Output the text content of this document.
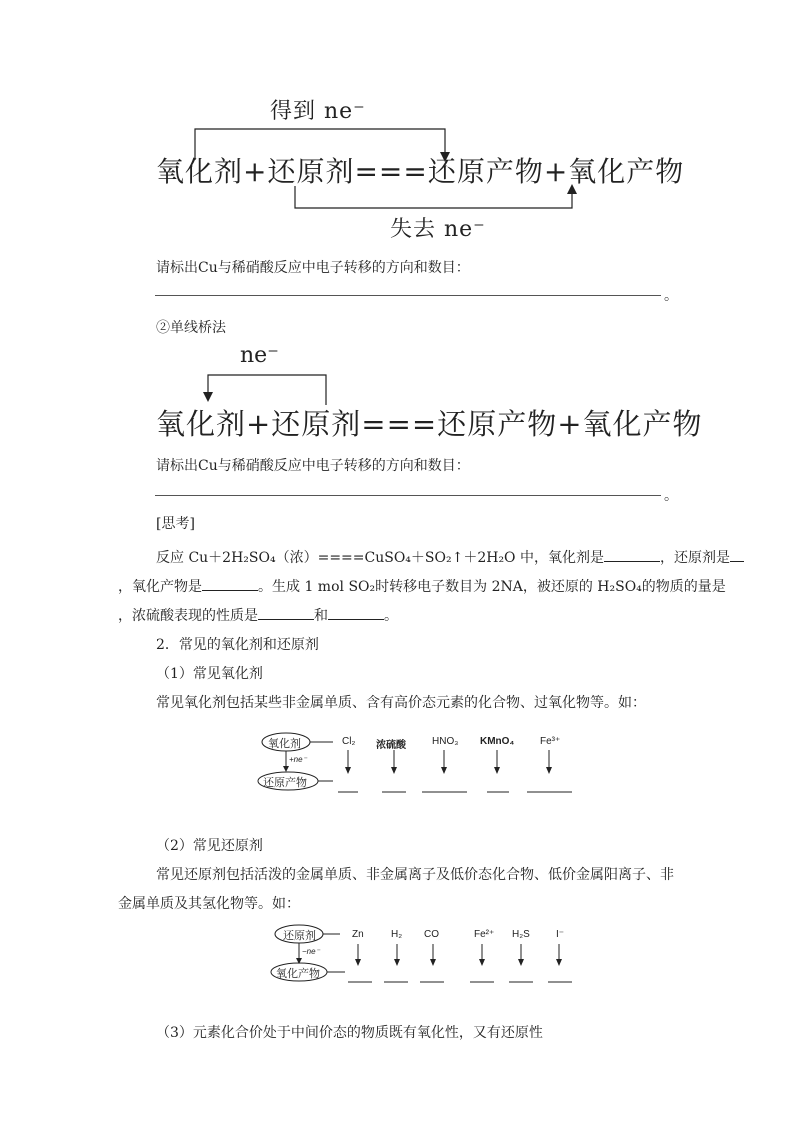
得到 ne⁻
氧化剂+还原剂===还原产物+氧化产物
失去 ne⁻
请标出Cu与稀硝酸反应中电子转移的方向和数目：
。
②单线桥法
ne⁻
氧化剂+还原剂===还原产物+氧化产物
请标出Cu与稀硝酸反应中电子转移的方向和数目：
。
[思考]
反应 Cu＋2H₂SO₄（浓）====CuSO₄＋SO₂↑＋2H₂O 中，氧化剂是	，还原剂是
，氧化产物是	。生成 1 mol SO₂时转移电子数目为 2NA，被还原的 H₂SO₄的物质的量是
，浓硫酸表现的性质是	和	。
2．常见的氧化剂和还原剂
（1）常见氧化剂
常见氧化剂包括某些非金属单质、含有高价态元素的化合物、过氧化物等。如：
氧化剂
还原产物
+ne⁻
Cl₂ 浓硫酸	HNO₃ KMnO₄	Fe³⁺
（2）常见还原剂
常见还原剂包括活泼的金属单质、非金属离子及低价态化合物、低价金属阳离子、非
金属单质及其氢化物等。如：
还原剂
氧化产物
−ne⁻
Zn	H₂ CO	Fe²⁺ H₂S	I⁻
（3）元素化合价处于中间价态的物质既有氧化性，又有还原性
